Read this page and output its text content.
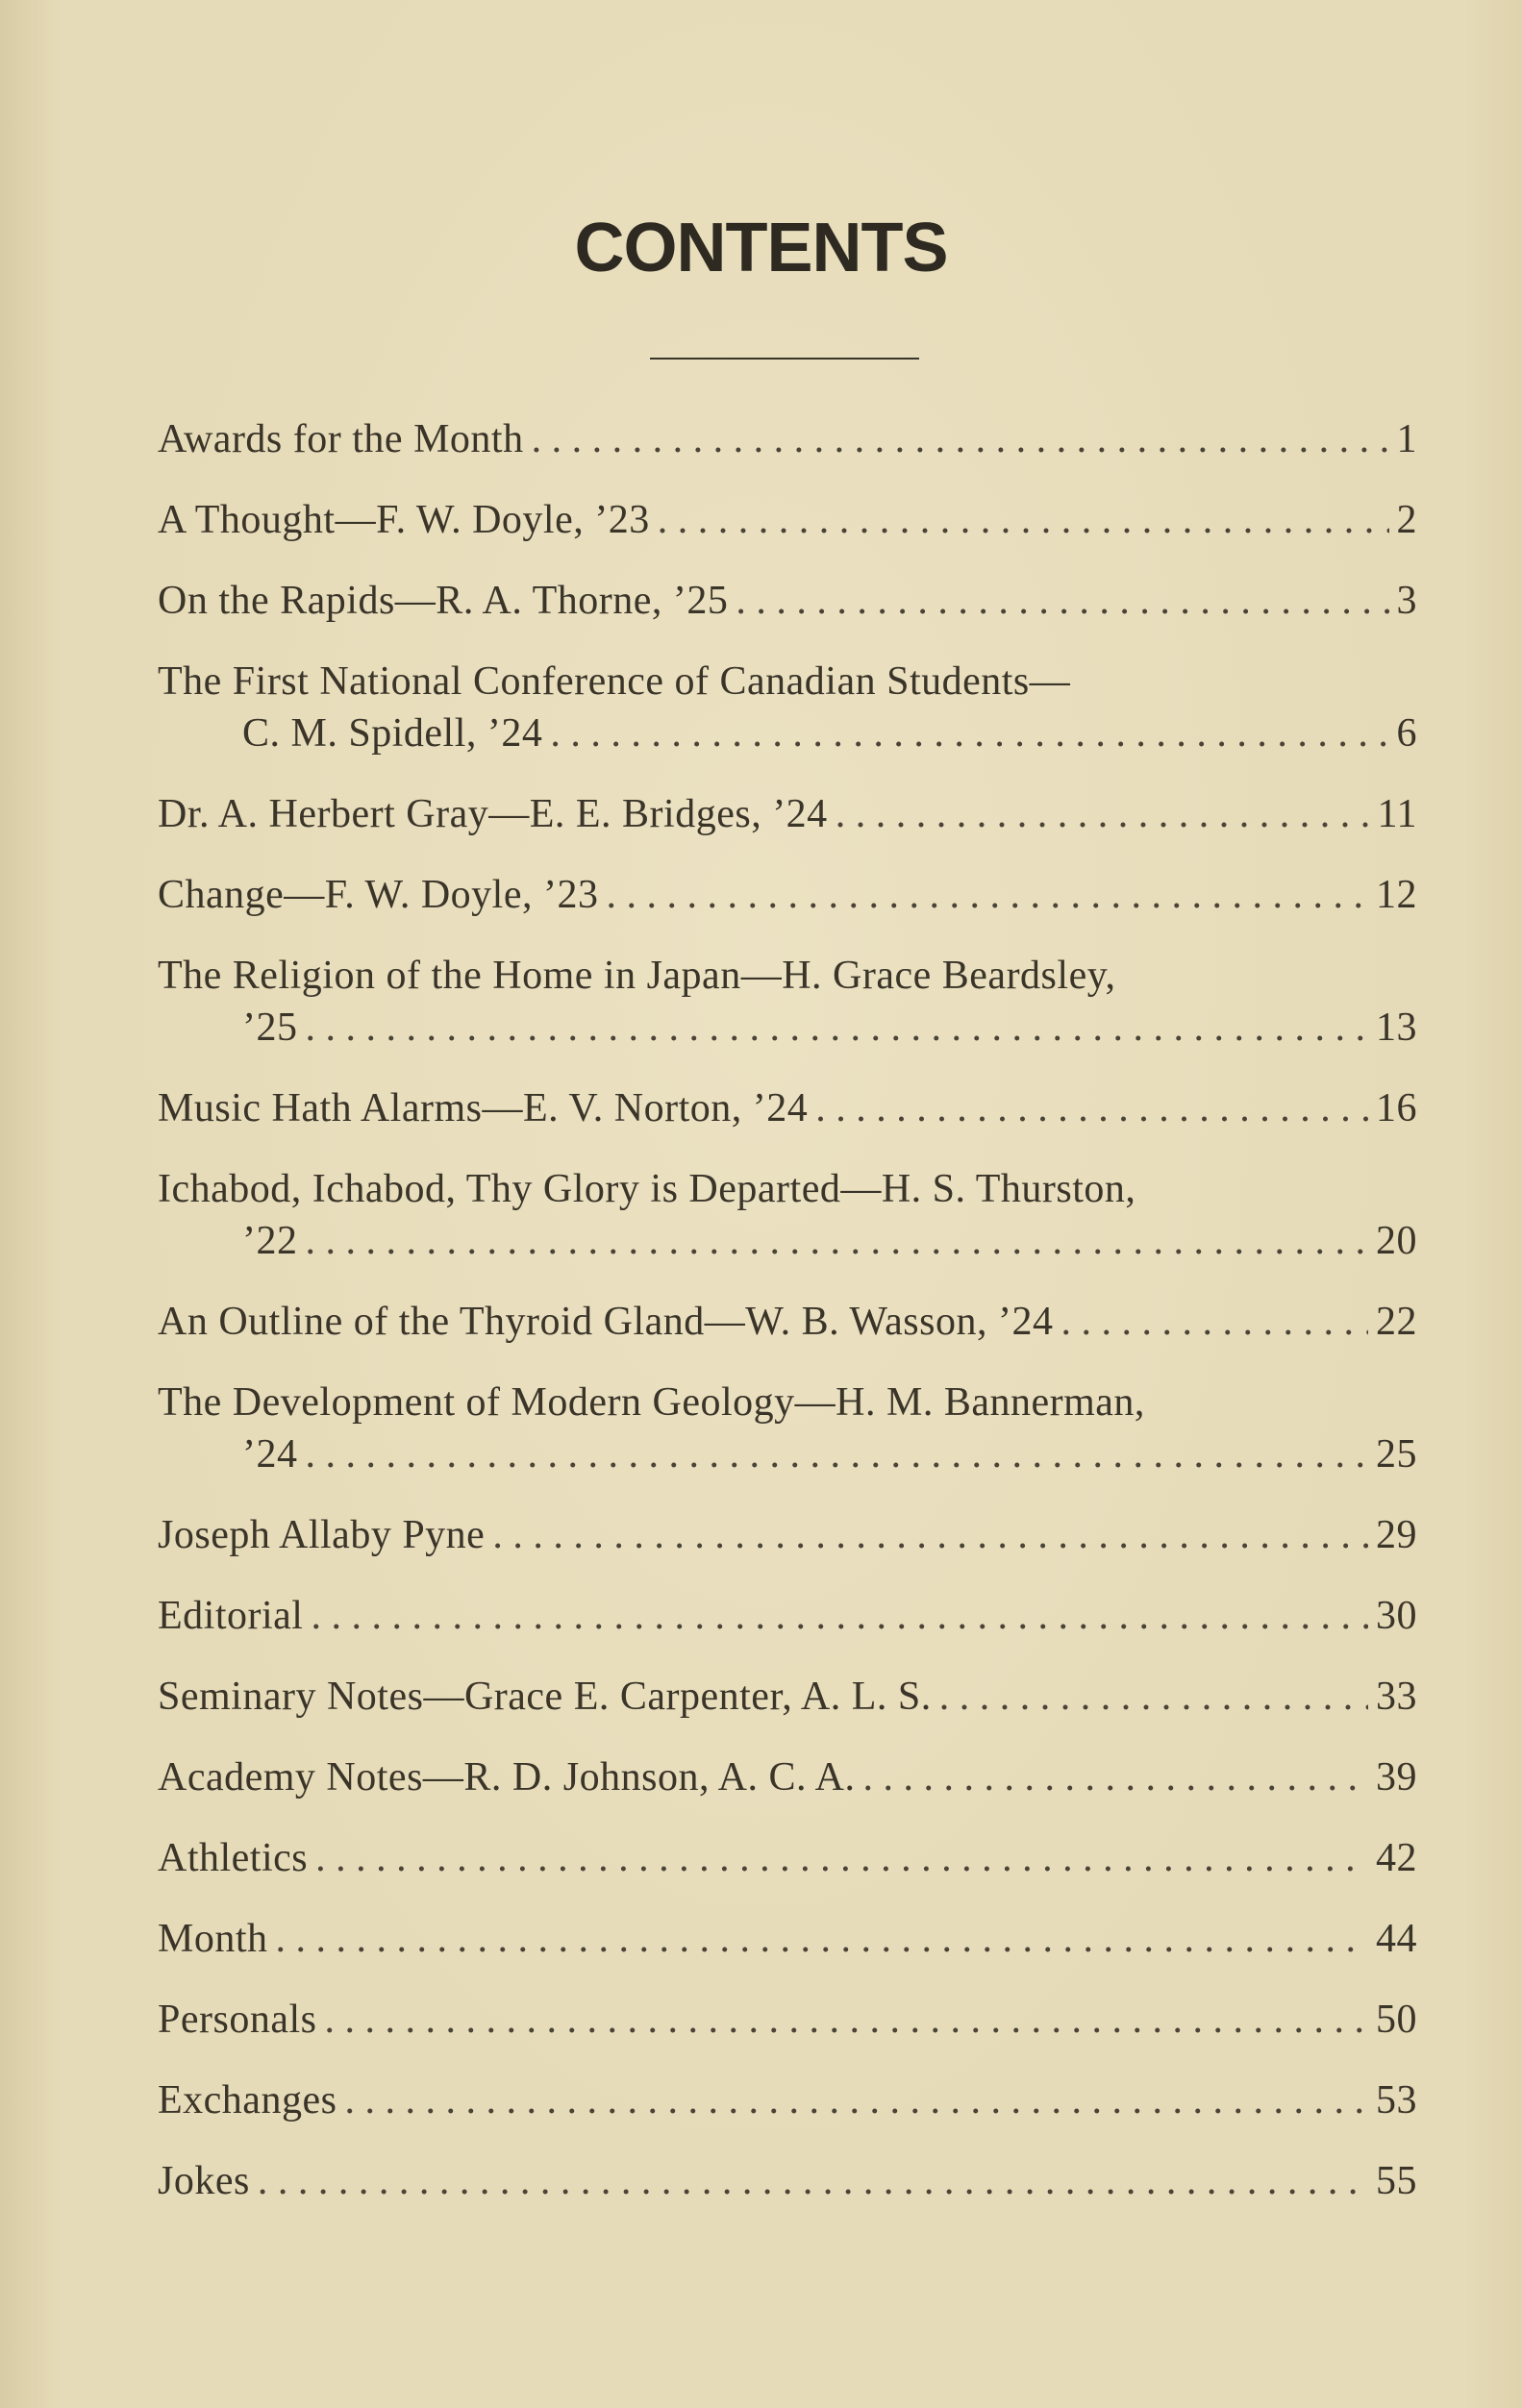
CONTENTS
Awards for the Month . . .	1
A Thought—F. W. Doyle, ’23 . . .	2
On the Rapids—R. A. Thorne, ’25 . . .	3
The First National Conference of Canadian Students—
C. M. Spidell, ’24 . . .	6
Dr. A. Herbert Gray—E. E. Bridges, ’24 . . .	11
Change—F. W. Doyle, ’23 . . .	12
The Religion of the Home in Japan—H. Grace Beardsley,
’25 . . .	13
Music Hath Alarms—E. V. Norton, ’24 . . .	16
Ichabod, Ichabod, Thy Glory is Departed—H. S. Thurston,
’22 . . .	20
An Outline of the Thyroid Gland—W. B. Wasson, ’24 . . .	22
The Development of Modern Geology—H. M. Bannerman,
’24 . . .	25
Joseph Allaby Pyne . . .	29
Editorial . . .	30
Seminary Notes—Grace E. Carpenter, A. L. S. . . .	33
Academy Notes—R. D. Johnson, A. C. A. . . .	39
Athletics . . .	42
Month . . .	44
Personals . . .	50
Exchanges . . .	53
Jokes . . .	55
